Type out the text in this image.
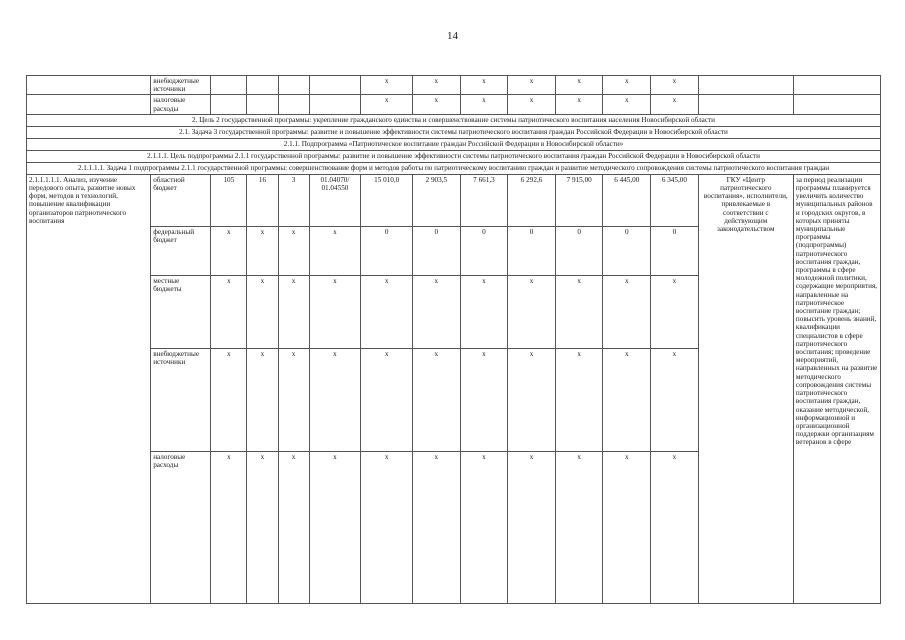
14
	внебюджетные источники					х	х	х	х	х	х	х		
	налоговые расходы					х	х	х	х	х	х	х		
2. Цель 2 государственной программы: укрепление гражданского единства и совершенствование системы патриотического воспитания населения Новосибирской области														
2.1. Задача 3 государственной программы: развитие и повышение эффективности системы патриотического воспитания граждан Российской Федерации в Новосибирской области														
2.1.1. Подпрограмма «Патриотическое воспитание граждан Российской Федерации в Новосибирской области»														
2.1.1.1. Цель подпрограммы 2.1.1 государственной программы: развитие и повышение эффективности системы патриотического воспитания граждан Российской Федерации в Новосибирской области														
2.1.1.1.1. Задача 1 подпрограммы 2.1.1 государственной программы: совершенствование форм и методов работы по патриотическому воспитанию граждан и развитие методического сопровождения системы патриотического воспитания граждан														
2.1.1.1.1.1. Анализ, изучение передового опыта, развитие новых форм, методов и технологий, повышение квалификации организаторов патриотического воспитания	областной бюджет	105	16	3	01.04070/ 01.04550	15 010,0	2 903,5	7 661,3	6 292,6	7 915,00	6 445,00	6 345,00	ГКУ «Центр патриотического воспитания», исполнители, привлекаемые в соответствии с действующим законодательством	за период реализации программы планируется увеличить количество муниципальных районов и городских округов, в которых приняты муниципальные программы (подпрограммы) патриотического воспитания граждан, программы в сфере молодежной политики, содержащие мероприятия, направленные на патриотическое воспитание граждан; повысить уровень знаний, квалификации специалистов в сфере патриотического воспитания; проведение мероприятий, направленных на развитие методического сопровождения системы патриотического воспитания граждан, оказание методической, информационной и организационной поддержки организациям ветеранов в сфере
	федеральный бюджет	х	х	х	х	0	0	0	0	0	0	0		
	местные бюджеты	х	х	х	х	х	х	х	х	х	х	х		
	внебюджетные источники	х	х	х	х	х	х	х	х	х	х	х		
	налоговые расходы	х	х	х	х	х	х	х	х	х	х	х		
